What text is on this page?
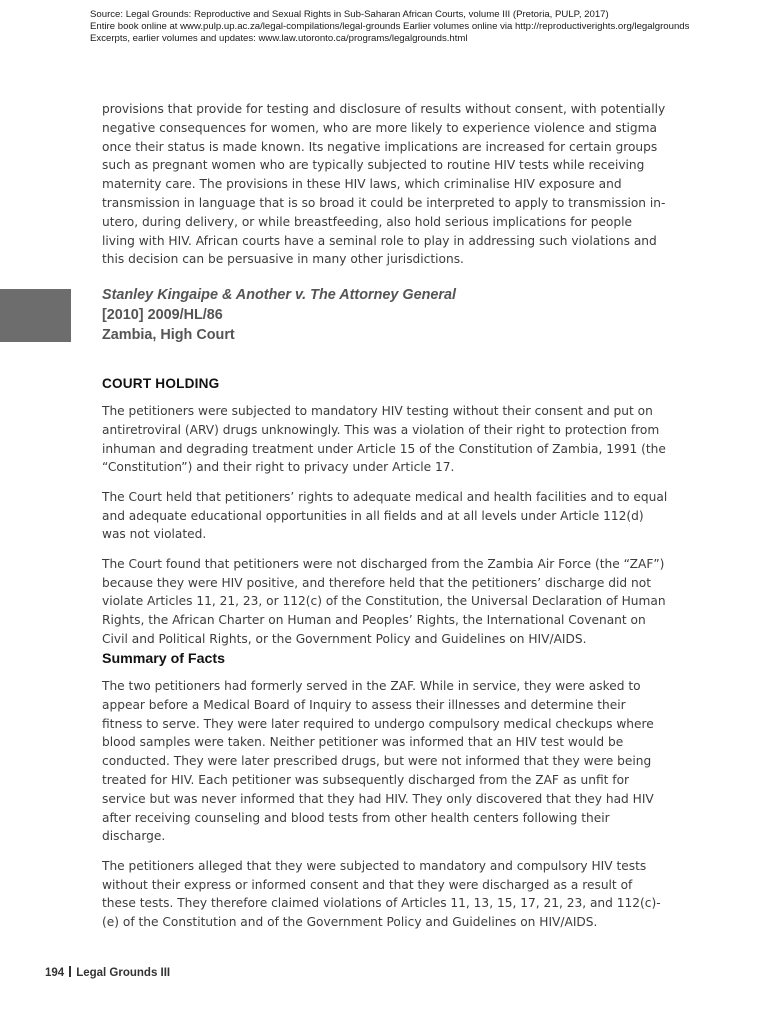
Source: Legal Grounds: Reproductive and Sexual Rights in Sub-Saharan African Courts, volume III (Pretoria, PULP, 2017)
Entire book online at www.pulp.up.ac.za/legal-compilations/legal-grounds Earlier volumes online via http://reproductiverights.org/legalgrounds
Excerpts, earlier volumes and updates: www.law.utoronto.ca/programs/legalgrounds.html

provisions that provide for testing and disclosure of results without consent, with potentially negative consequences for women, who are more likely to experience violence and stigma once their status is made known. Its negative implications are increased for certain groups such as pregnant women who are typically subjected to routine HIV tests while receiving maternity care. The provisions in these HIV laws, which criminalise HIV exposure and transmission in language that is so broad it could be interpreted to apply to transmission in-utero, during delivery, or while breastfeeding, also hold serious implications for people living with HIV. African courts have a seminal role to play in addressing such violations and this decision can be persuasive in many other jurisdictions.

Stanley Kingaipe & Another v. The Attorney General
[2010] 2009/HL/86
Zambia, High Court
COURT HOLDING

The petitioners were subjected to mandatory HIV testing without their consent and put on antiretroviral (ARV) drugs unknowingly. This was a violation of their right to protection from inhuman and degrading treatment under Article 15 of the Constitution of Zambia, 1991 (the “Constitution”) and their right to privacy under Article 17.

The Court held that petitioners’ rights to adequate medical and health facilities and to equal and adequate educational opportunities in all fields and at all levels under Article 112(d) was not violated.

The Court found that petitioners were not discharged from the Zambia Air Force (the “ZAF”) because they were HIV positive, and therefore held that the petitioners’ discharge did not violate Articles 11, 21, 23, or 112(c) of the Constitution, the Universal Declaration of Human Rights, the African Charter on Human and Peoples’ Rights, the International Covenant on Civil and Political Rights, or the Government Policy and Guidelines on HIV/AIDS.

Summary of Facts

The two petitioners had formerly served in the ZAF. While in service, they were asked to appear before a Medical Board of Inquiry to assess their illnesses and determine their fitness to serve. They were later required to undergo compulsory medical checkups where blood samples were taken. Neither petitioner was informed that an HIV test would be conducted. They were later prescribed drugs, but were not informed that they were being treated for HIV. Each petitioner was subsequently discharged from the ZAF as unfit for service but was never informed that they had HIV. They only discovered that they had HIV after receiving counseling and blood tests from other health centers following their discharge.

The petitioners alleged that they were subjected to mandatory and compulsory HIV tests without their express or informed consent and that they were discharged as a result of these tests. They therefore claimed violations of Articles 11, 13, 15, 17, 21, 23, and 112(c)-(e) of the Constitution and of the Government Policy and Guidelines on HIV/AIDS.

194 Legal Grounds III
